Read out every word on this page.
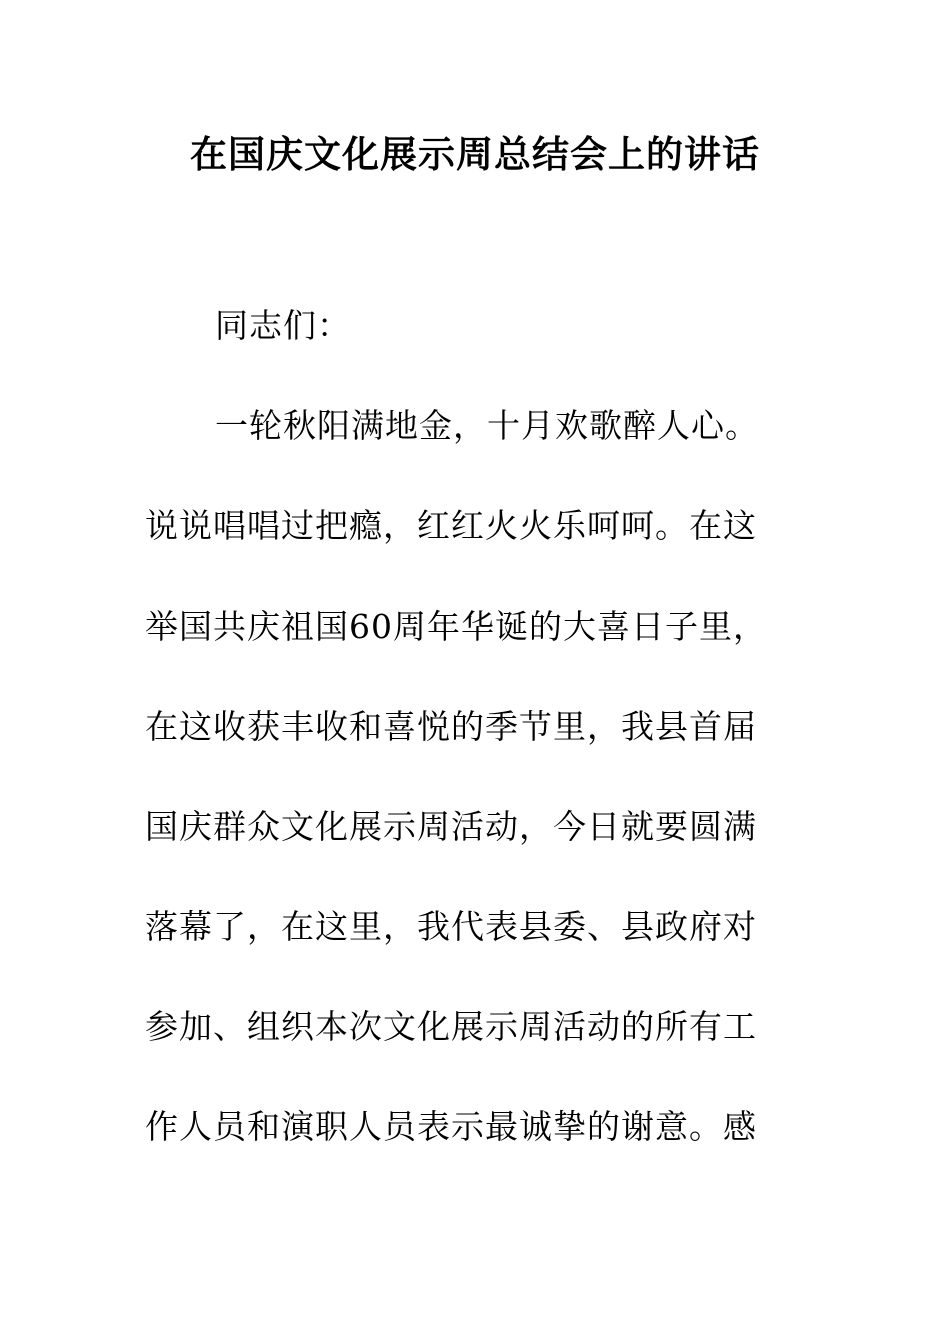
在国庆文化展示周总结会上的讲话
同志们：
一轮秋阳满地金，十月欢歌醉人心。
说说唱唱过把瘾，红红火火乐呵呵。在这
举国共庆祖国60周年华诞的大喜日子里，
在这收获丰收和喜悦的季节里，我县首届
国庆群众文化展示周活动，今日就要圆满
落幕了，在这里，我代表县委、县政府对
参加、组织本次文化展示周活动的所有工
作人员和演职人员表示最诚挚的谢意。感
